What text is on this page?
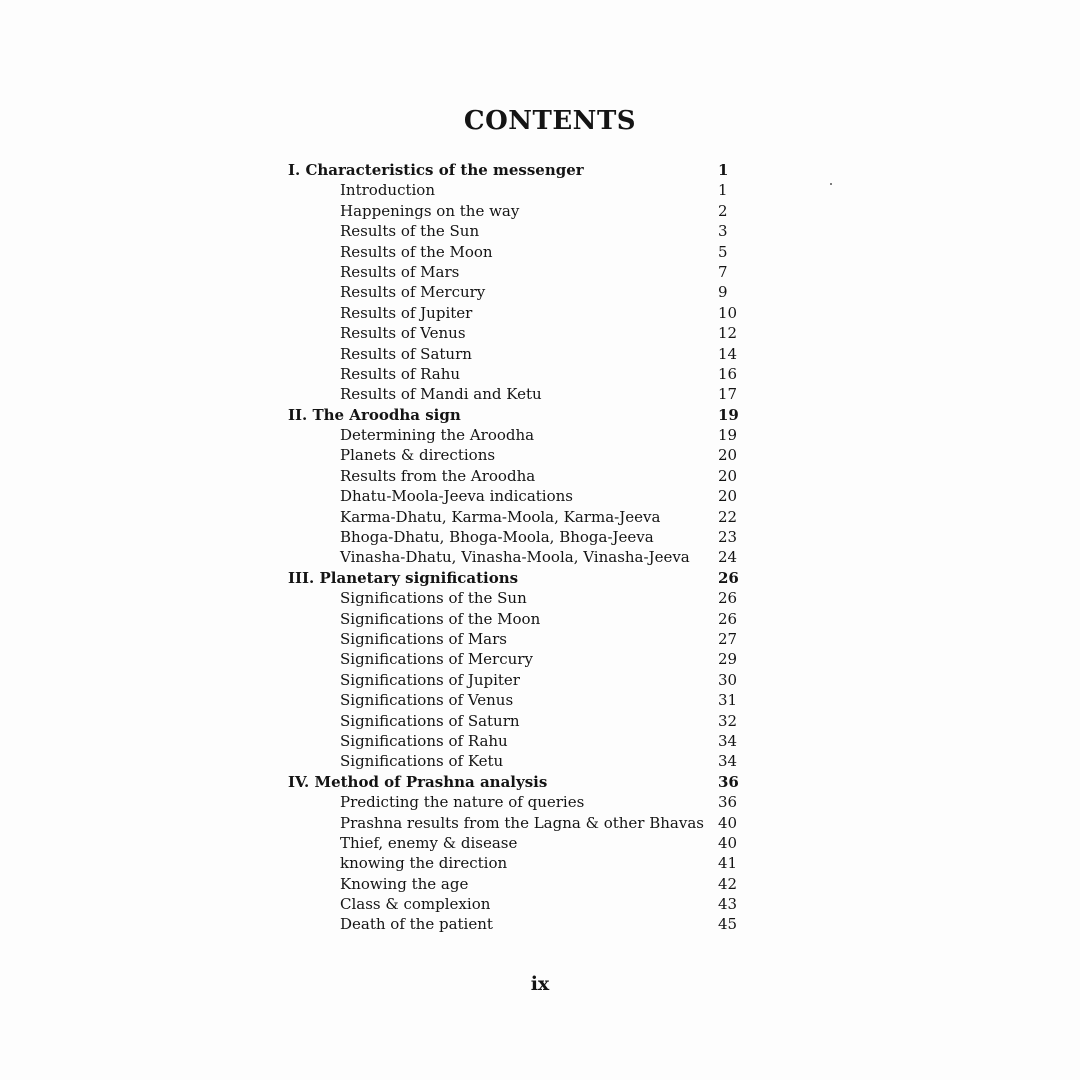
CONTENTS
I. Characteristics of the messenger	1
Introduction	1
Happenings on the way	2
Results of the Sun	3
Results of the Moon	5
Results of Mars	7
Results of Mercury	9
Results of Jupiter	10
Results of Venus	12
Results of Saturn	14
Results of Rahu	16
Results of Mandi and Ketu	17
II. The Aroodha sign	19
Determining the Aroodha	19
Planets & directions	20
Results from the Aroodha	20
Dhatu-Moola-Jeeva indications	20
Karma-Dhatu, Karma-Moola, Karma-Jeeva	22
Bhoga-Dhatu, Bhoga-Moola, Bhoga-Jeeva	23
Vinasha-Dhatu, Vinasha-Moola, Vinasha-Jeeva 24
III. Planetary significations	26
Significations of the Sun	26
Significations of the Moon	26
Significations of Mars	27
Significations of Mercury	29
Significations of Jupiter	30
Significations of Venus	31
Significations of Saturn	32
Significations of Rahu	34
Significations of Ketu	34
IV. Method of Prashna analysis	36
Predicting the nature of queries	36
Prashna results from the Lagna & other Bhavas 40
Thief, enemy & disease	40
knowing the direction	41
Knowing the age	42
Class & complexion	43
Death of the patient	45
ix
